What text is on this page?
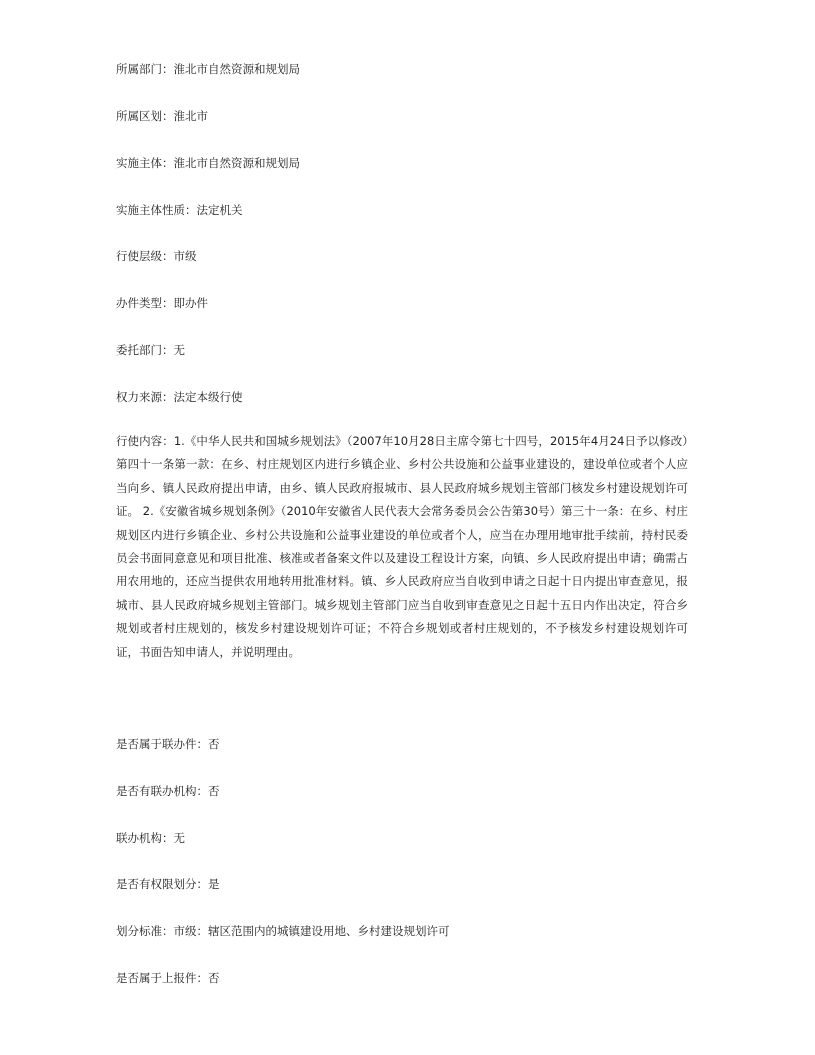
所属部门：淮北市自然资源和规划局
所属区划：淮北市
实施主体：淮北市自然资源和规划局
实施主体性质：法定机关
行使层级：市级
办件类型：即办件
委托部门：无
权力来源：法定本级行使
行使内容：1.《中华人民共和国城乡规划法》（2007年10月28日主席令第七十四号，2015年4月24日予以修改）第四十一条第一款：在乡、村庄规划区内进行乡镇企业、乡村公共设施和公益事业建设的，建设单位或者个人应当向乡、镇人民政府提出申请，由乡、镇人民政府报城市、县人民政府城乡规划主管部门核发乡村建设规划许可证。 2.《安徽省城乡规划条例》（2010年安徽省人民代表大会常务委员会公告第30号）第三十一条：在乡、村庄规划区内进行乡镇企业、乡村公共设施和公益事业建设的单位或者个人，应当在办理用地审批手续前，持村民委员会书面同意意见和项目批准、核准或者备案文件以及建设工程设计方案，向镇、乡人民政府提出申请；确需占用农用地的，还应当提供农用地转用批准材料。镇、乡人民政府应当自收到申请之日起十日内提出审查意见，报城市、县人民政府城乡规划主管部门。城乡规划主管部门应当自收到审查意见之日起十五日内作出决定，符合乡规划或者村庄规划的，核发乡村建设规划许可证；不符合乡规划或者村庄规划的，不予核发乡村建设规划许可证，书面告知申请人，并说明理由。
是否属于联办件：否
是否有联办机构：否
联办机构：无
是否有权限划分：是
划分标准：市级：辖区范围内的城镇建设用地、乡村建设规划许可
是否属于上报件：否
